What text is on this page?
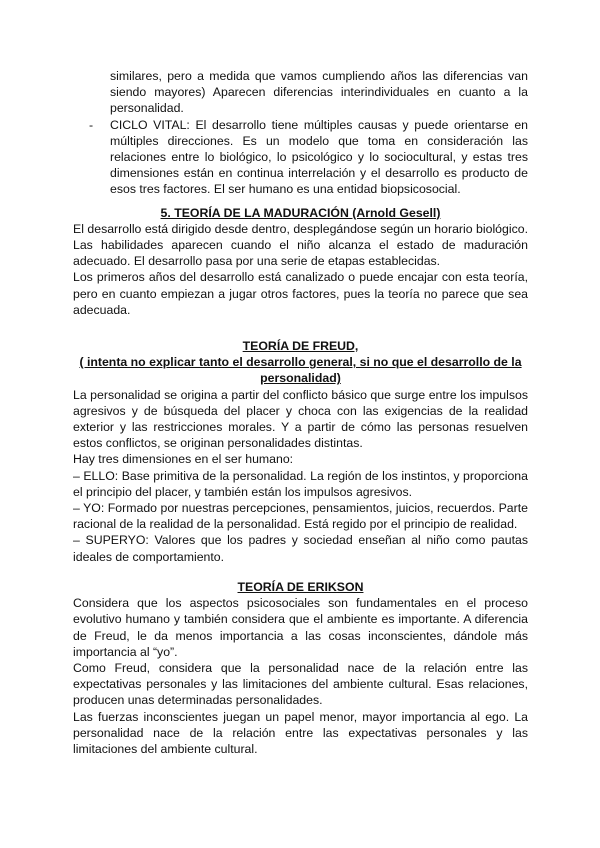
similares, pero a medida que vamos cumpliendo años las diferencias van siendo mayores) Aparecen diferencias interindividuales en cuanto a la personalidad.

- CICLO VITAL: El desarrollo tiene múltiples causas y puede orientarse en múltiples direcciones. Es un modelo que toma en consideración las relaciones entre lo biológico, lo psicológico y lo sociocultural, y estas tres dimensiones están en continua interrelación y el desarrollo es producto de esos tres factores. El ser humano es una entidad biopsicosocial.

5. TEORÍA DE LA MADURACIÓN (Arnold Gesell)

El desarrollo está dirigido desde dentro, desplegándose según un horario biológico. Las habilidades aparecen cuando el niño alcanza el estado de maduración adecuado. El desarrollo pasa por una serie de etapas establecidas.

Los primeros años del desarrollo está canalizado o puede encajar con esta teoría, pero en cuanto empiezan a jugar otros factores, pues la teoría no parece que sea adecuada.

TEORÍA DE FREUD,

( intenta no explicar tanto el desarrollo general, si no que el desarrollo de la personalidad)

La personalidad se origina a partir del conflicto básico que surge entre los impulsos agresivos y de búsqueda del placer y choca con las exigencias de la realidad exterior y las restricciones morales. Y a partir de cómo las personas resuelven estos conflictos, se originan personalidades distintas.

Hay tres dimensiones en el ser humano:

– ELLO: Base primitiva de la personalidad. La región de los instintos, y proporciona el principio del placer, y también están los impulsos agresivos.

– YO: Formado por nuestras percepciones, pensamientos, juicios, recuerdos. Parte racional de la realidad de la personalidad. Está regido por el principio de realidad.

– SUPERYO: Valores que los padres y sociedad enseñan al niño como pautas ideales de comportamiento.

TEORÍA DE ERIKSON

Considera que los aspectos psicosociales son fundamentales en el proceso evolutivo humano y también considera que el ambiente es importante. A diferencia de Freud, le da menos importancia a las cosas inconscientes, dándole más importancia al “yo”.

Como Freud, considera que la personalidad nace de la relación entre las expectativas personales y las limitaciones del ambiente cultural. Esas relaciones, producen unas determinadas personalidades.

Las fuerzas inconscientes juegan un papel menor, mayor importancia al ego. La personalidad nace de la relación entre las expectativas personales y las limitaciones del ambiente cultural.
